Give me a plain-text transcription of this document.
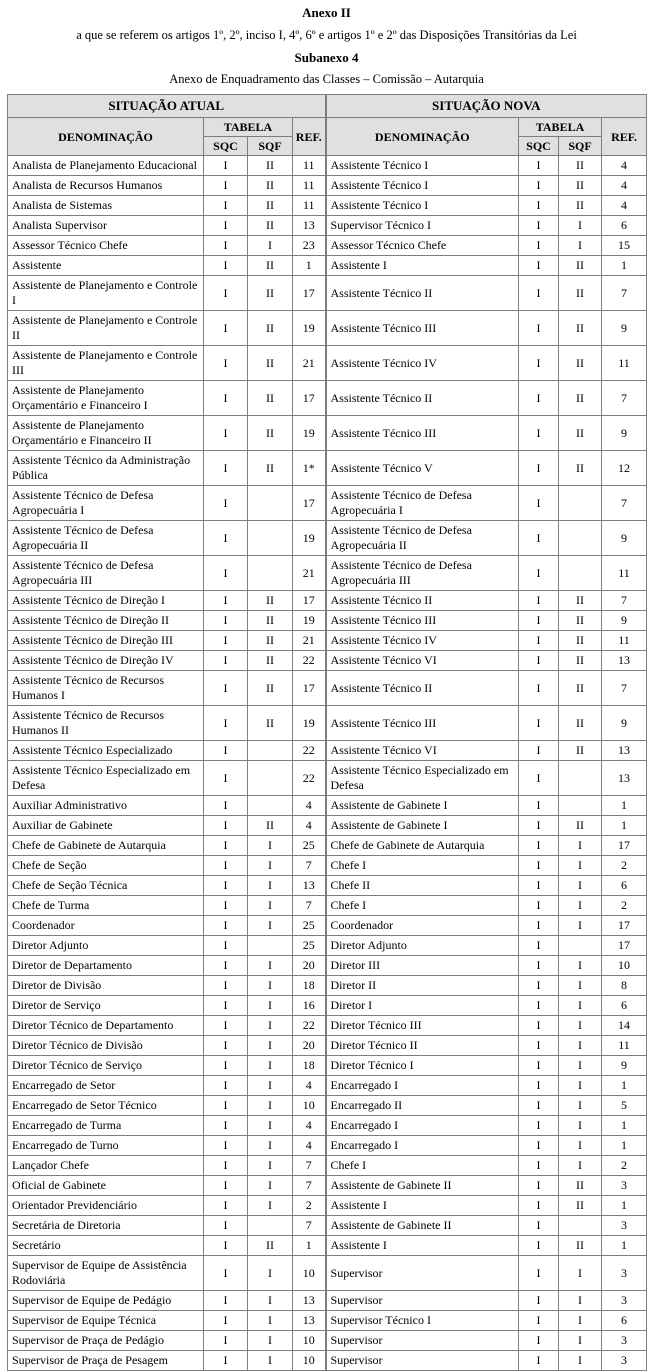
Anexo II
a que se referem os artigos 1º, 2º, inciso I, 4º, 6º e artigos 1º e 2º das Disposições Transitórias da Lei
Subanexo 4
Anexo de Enquadramento das Classes – Comissão – Autarquia
SITUAÇÃO ATUAL				SITUAÇÃO NOVA			
DENOMINAÇÃO	TABELA		REF.	DENOMINAÇÃO	TABELA		REF.
	SQC	SQF			SQC	SQF	
Analista de Planejamento Educacional	I	II	11	Assistente Técnico I	I	II	4
Analista de Recursos Humanos	I	II	11	Assistente Técnico I	I	II	4
Analista de Sistemas	I	II	11	Assistente Técnico I	I	II	4
Analista Supervisor	I	II	13	Supervisor Técnico I	I	I	6
Assessor Técnico Chefe	I	I	23	Assessor Técnico Chefe	I	I	15
Assistente	I	II	1	Assistente I	I	II	1
Assistente de Planejamento e Controle I	I	II	17	Assistente Técnico II	I	II	7
Assistente de Planejamento e Controle II	I	II	19	Assistente Técnico III	I	II	9
Assistente de Planejamento e Controle III	I	II	21	Assistente Técnico IV	I	II	11
Assistente de Planejamento Orçamentário e Financeiro I	I	II	17	Assistente Técnico II	I	II	7
Assistente de Planejamento Orçamentário e Financeiro II	I	II	19	Assistente Técnico III	I	II	9
Assistente Técnico da Administração Pública	I	II	1*	Assistente Técnico V	I	II	12
Assistente Técnico de Defesa Agropecuária I	I		17	Assistente Técnico de Defesa Agropecuária I	I		7
Assistente Técnico de Defesa Agropecuária II	I		19	Assistente Técnico de Defesa Agropecuária II	I		9
Assistente Técnico de Defesa Agropecuária III	I		21	Assistente Técnico de Defesa Agropecuária III	I		11
Assistente Técnico de Direção I	I	II	17	Assistente Técnico II	I	II	7
Assistente Técnico de Direção II	I	II	19	Assistente Técnico III	I	II	9
Assistente Técnico de Direção III	I	II	21	Assistente Técnico IV	I	II	11
Assistente Técnico de Direção IV	I	II	22	Assistente Técnico VI	I	II	13
Assistente Técnico de Recursos Humanos I	I	II	17	Assistente Técnico II	I	II	7
Assistente Técnico de Recursos Humanos II	I	II	19	Assistente Técnico III	I	II	9
Assistente Técnico Especializado	I		22	Assistente Técnico VI	I	II	13
Assistente Técnico Especializado em Defesa	I		22	Assistente Técnico Especializado em Defesa	I		13
Auxiliar Administrativo	I		4	Assistente de Gabinete I	I		1
Auxiliar de Gabinete	I	II	4	Assistente de Gabinete I	I	II	1
Chefe de Gabinete de Autarquia	I	I	25	Chefe de Gabinete de Autarquia	I	I	17
Chefe de Seção	I	I	7	Chefe I	I	I	2
Chefe de Seção Técnica	I	I	13	Chefe II	I	I	6
Chefe de Turma	I	I	7	Chefe I	I	I	2
Coordenador	I	I	25	Coordenador	I	I	17
Diretor Adjunto	I		25	Diretor Adjunto	I		17
Diretor de Departamento	I	I	20	Diretor III	I	I	10
Diretor de Divisão	I	I	18	Diretor II	I	I	8
Diretor de Serviço	I	I	16	Diretor I	I	I	6
Diretor Técnico de Departamento	I	I	22	Diretor Técnico III	I	I	14
Diretor Técnico de Divisão	I	I	20	Diretor Técnico II	I	I	11
Diretor Técnico de Serviço	I	I	18	Diretor Técnico I	I	I	9
Encarregado de Setor	I	I	4	Encarregado I	I	I	1
Encarregado de Setor Técnico	I	I	10	Encarregado II	I	I	5
Encarregado de Turma	I	I	4	Encarregado I	I	I	1
Encarregado de Turno	I	I	4	Encarregado I	I	I	1
Lançador Chefe	I	I	7	Chefe I	I	I	2
Oficial de Gabinete	I	I	7	Assistente de Gabinete II	I	II	3
Orientador Previdenciário	I	I	2	Assistente I	I	II	1
Secretária de Diretoria	I		7	Assistente de Gabinete II	I		3
Secretário	I	II	1	Assistente I	I	II	1
Supervisor de Equipe de Assistência Rodoviária	I	I	10	Supervisor	I	I	3
Supervisor de Equipe de Pedágio	I	I	13	Supervisor	I	I	3
Supervisor de Equipe Técnica	I	I	13	Supervisor Técnico I	I	I	6
Supervisor de Praça de Pedágio	I	I	10	Supervisor	I	I	3
Supervisor de Praça de Pesagem	I	I	10	Supervisor	I	I	3
